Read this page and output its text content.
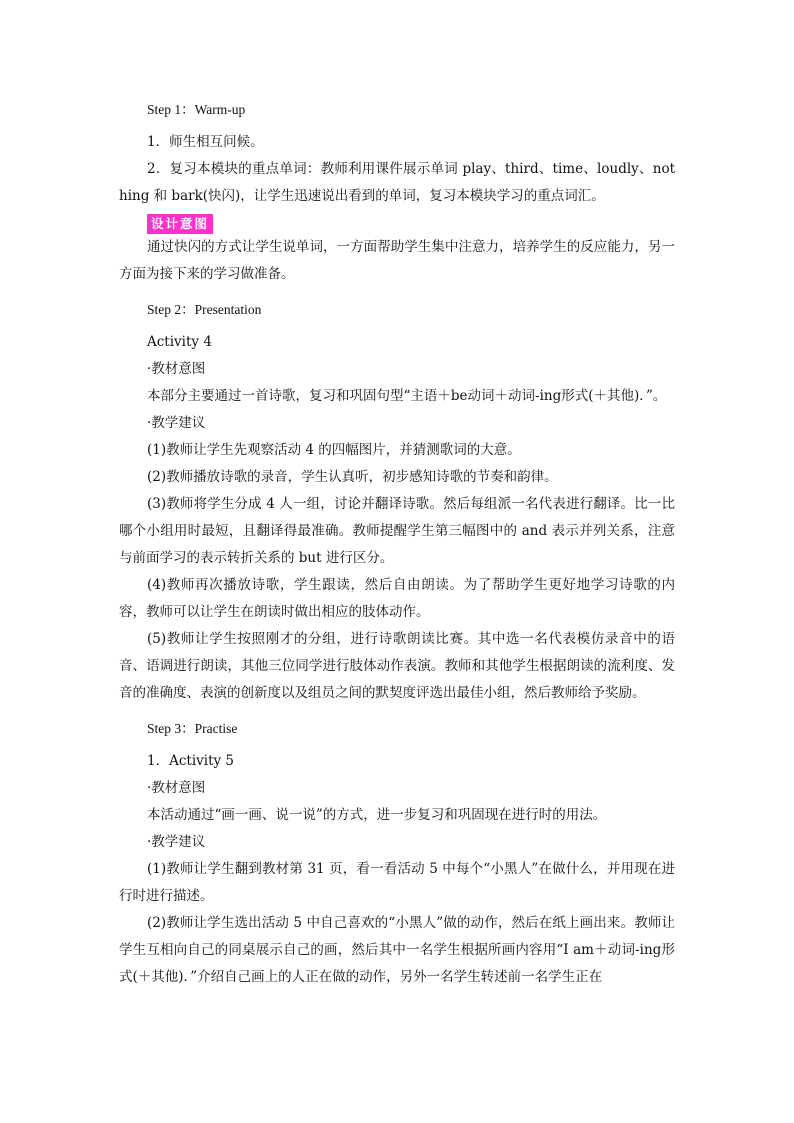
Step 1：Warm-up

1．师生相互问候。

2．复习本模块的重点单词：教师利用课件展示单词 play、third、time、loudly、nothing 和 bark(快闪)，让学生迅速说出看到的单词，复习本模块学习的重点词汇。

设计意图

通过快闪的方式让学生说单词，一方面帮助学生集中注意力，培养学生的反应能力，另一方面为接下来的学习做准备。

Step 2：Presentation

Activity 4

·教材意图

本部分主要通过一首诗歌，复习和巩固句型“主语＋be动词＋动词-ing形式(＋其他)．”。

·教学建议

(1)教师让学生先观察活动 4 的四幅图片，并猜测歌词的大意。

(2)教师播放诗歌的录音，学生认真听，初步感知诗歌的节奏和韵律。

(3)教师将学生分成 4 人一组，讨论并翻译诗歌。然后每组派一名代表进行翻译。比一比哪个小组用时最短，且翻译得最准确。教师提醒学生第三幅图中的 and 表示并列关系，注意与前面学习的表示转折关系的 but 进行区分。

(4)教师再次播放诗歌，学生跟读，然后自由朗读。为了帮助学生更好地学习诗歌的内容，教师可以让学生在朗读时做出相应的肢体动作。

(5)教师让学生按照刚才的分组，进行诗歌朗读比赛。其中选一名代表模仿录音中的语音、语调进行朗读，其他三位同学进行肢体动作表演。教师和其他学生根据朗读的流利度、发音的准确度、表演的创新度以及组员之间的默契度评选出最佳小组，然后教师给予奖励。

Step 3：Practise

1．Activity 5

·教材意图

本活动通过“画一画、说一说”的方式，进一步复习和巩固现在进行时的用法。

·教学建议

(1)教师让学生翻到教材第 31 页，看一看活动 5 中每个“小黑人”在做什么，并用现在进行时进行描述。

(2)教师让学生选出活动 5 中自己喜欢的“小黑人”做的动作，然后在纸上画出来。教师让学生互相向自己的同桌展示自己的画，然后其中一名学生根据所画内容用“I am＋动词-ing形式(＋其他)．”介绍自己画上的人正在做的动作，另外一名学生转述前一名学生正在
